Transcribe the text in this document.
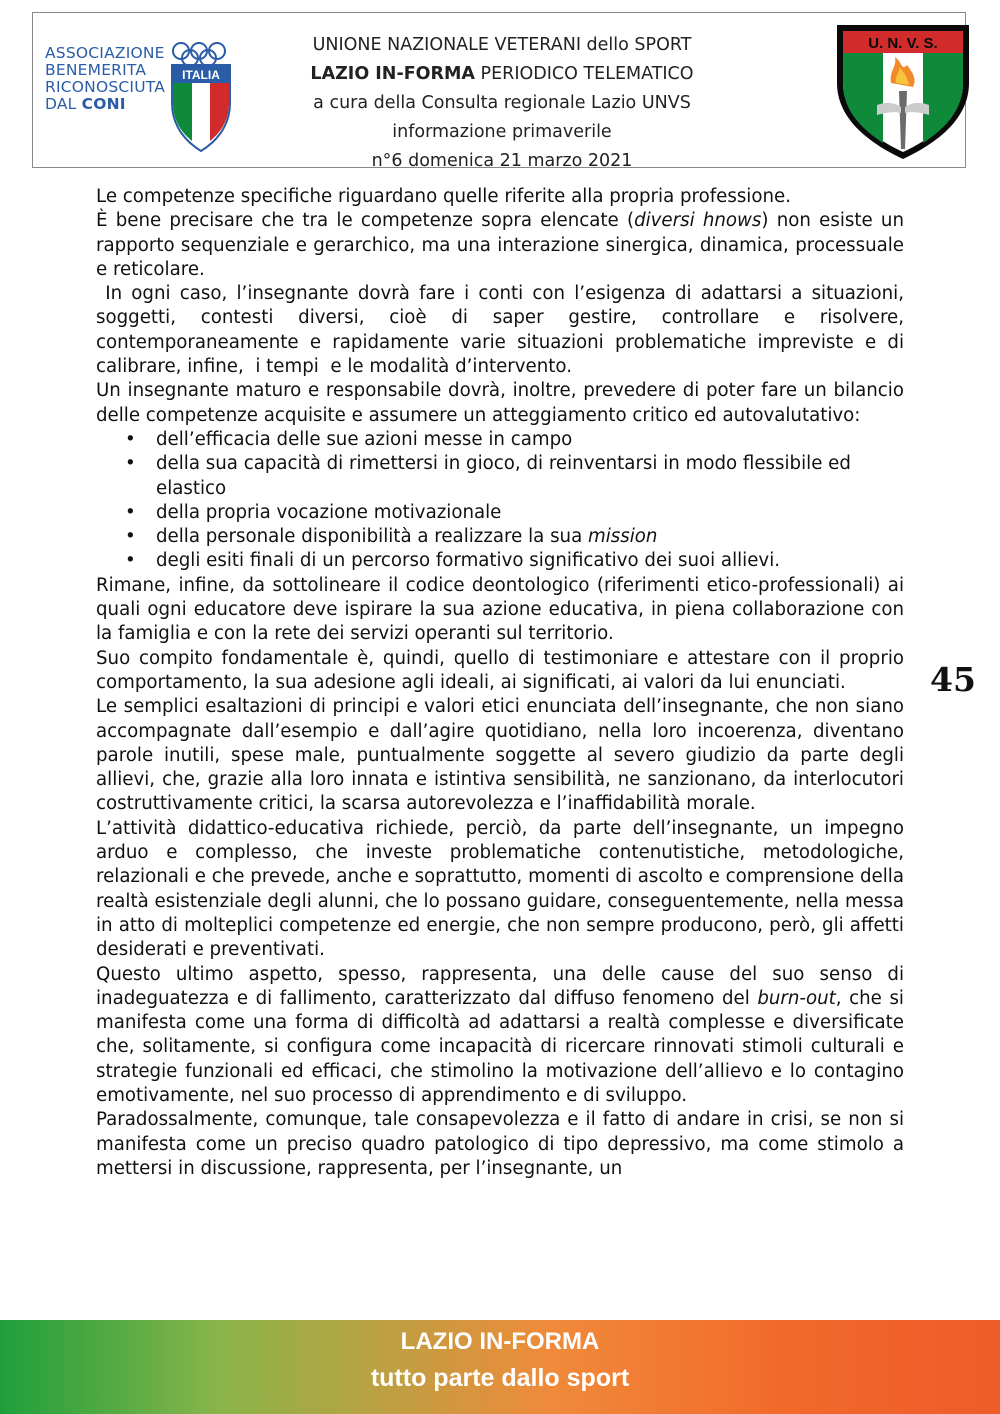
ASSOCIAZIONE
BENEMERITA
RICONOSCIUTA
DAL CONI
ITALIA
UNIONE NAZIONALE VETERANI dello SPORT
LAZIO IN-FORMA PERIODICO TELEMATICO
a cura della Consulta regionale Lazio UNVS
informazione primaverile
n°6 domenica 21 marzo 2021
U. N. V. S.

Le competenze specifiche riguardano quelle riferite alla propria professione.

È bene precisare che tra le competenze sopra elencate (diversi hnows) non esiste un rapporto sequenziale e gerarchico, ma una interazione sinergica, dinamica, processuale e reticolare.

In ogni caso, l’insegnante dovrà fare i conti con l’esigenza di adattarsi a situazioni, soggetti, contesti diversi, cioè di saper gestire, controllare e risolvere, contemporaneamente e rapidamente varie situazioni problematiche impreviste e di calibrare, infine,  i tempi  e le modalità d’intervento.

Un insegnante maturo e responsabile dovrà, inoltre, prevedere di poter fare un bilancio delle competenze acquisite e assumere un atteggiamento critico ed autovalutativo:

• dell’efficacia delle sue azioni messe in campo
• della sua capacità di rimettersi in gioco, di reinventarsi in modo flessibile ed elastico
• della propria vocazione motivazionale
• della personale disponibilità a realizzare la sua mission
• degli esiti finali di un percorso formativo significativo dei suoi allievi.

Rimane, infine, da sottolineare il codice deontologico (riferimenti etico-professionali) ai quali ogni educatore deve ispirare la sua azione educativa, in piena collaborazione con la famiglia e con la rete dei servizi operanti sul territorio.

Suo compito fondamentale è, quindi, quello di testimoniare e attestare con il proprio comportamento, la sua adesione agli ideali, ai significati, ai valori da lui enunciati.

Le semplici esaltazioni di principi e valori etici enunciata dell’insegnante, che non siano accompagnate dall’esempio e dall’agire quotidiano, nella loro incoerenza, diventano parole inutili, spese male, puntualmente soggette al severo giudizio da parte degli allievi, che, grazie alla loro innata e istintiva sensibilità, ne sanzionano, da interlocutori costruttivamente critici, la scarsa autorevolezza e l’inaffidabilità morale.

L’attività didattico-educativa richiede, perciò, da parte dell’insegnante, un impegno arduo e complesso, che investe problematiche contenutistiche, metodologiche, relazionali e che prevede, anche e soprattutto, momenti di ascolto e comprensione della realtà esistenziale degli alunni, che lo possano guidare, conseguentemente, nella messa in atto di molteplici competenze ed energie, che non sempre producono, però, gli affetti desiderati e preventivati.

Questo ultimo aspetto, spesso, rappresenta, una delle cause del suo senso di inadeguatezza e di fallimento, caratterizzato dal diffuso fenomeno del burn-out, che si manifesta come una forma di difficoltà ad adattarsi a realtà complesse e diversificate che, solitamente, si configura come incapacità di ricercare rinnovati stimoli culturali e strategie funzionali ed efficaci, che stimolino la motivazione dell’allievo e lo contagino emotivamente, nel suo processo di apprendimento e di sviluppo.

Paradossalmente, comunque, tale consapevolezza e il fatto di andare in crisi, se non si manifesta come un preciso quadro patologico di tipo depressivo, ma come stimolo a mettersi in discussione, rappresenta, per l’insegnante, un

45
LAZIO IN-FORMA
tutto parte dallo sport
